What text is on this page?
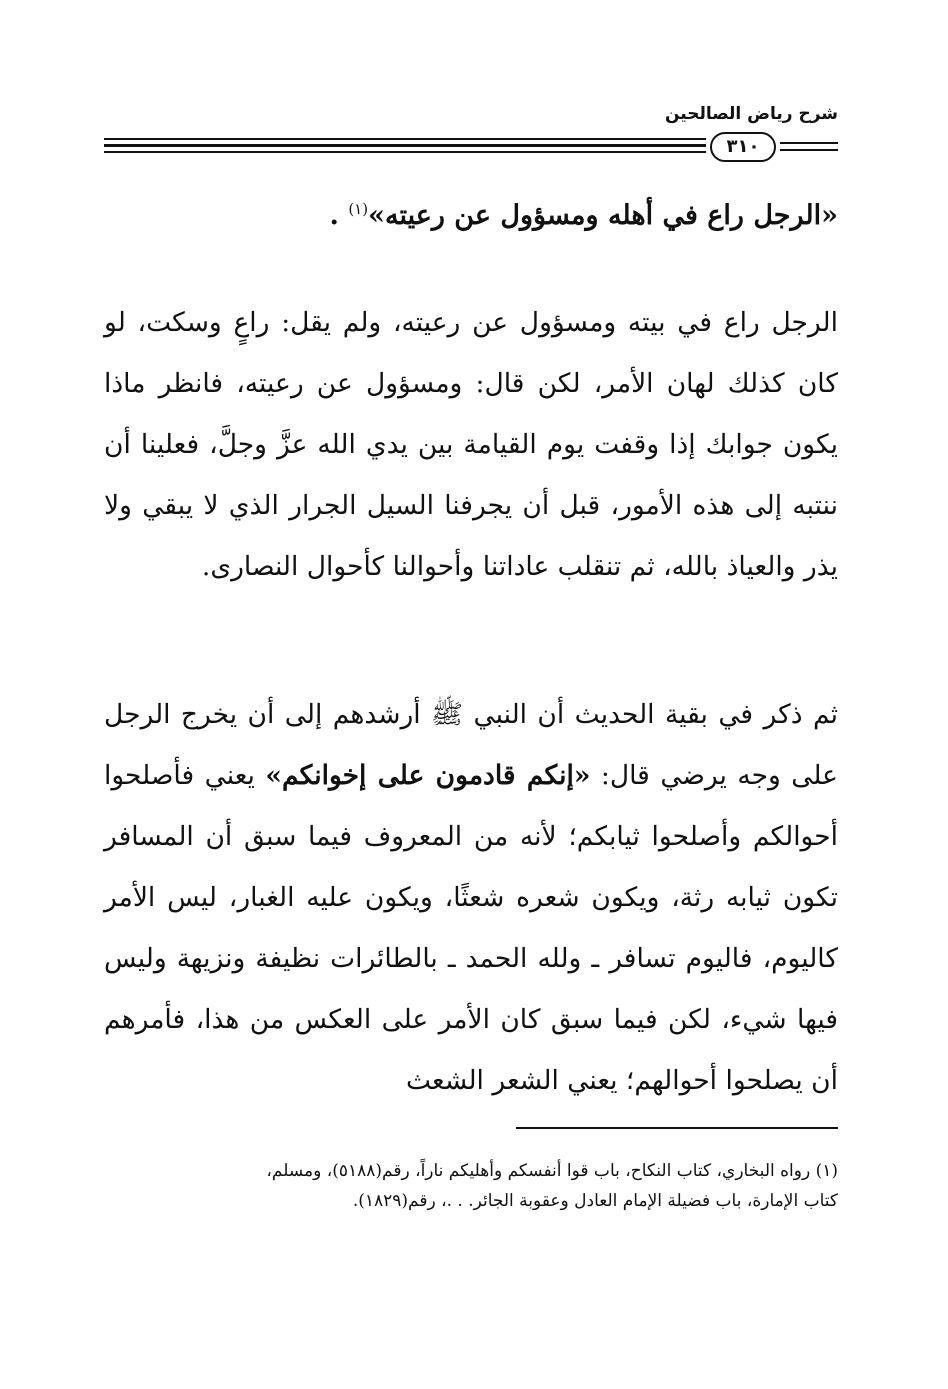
شرح رياض الصالحين
٣١٠
«الرجل راع في أهله ومسؤول عن رعيته»$^{(١)}$ .
الرجل راع في بيته ومسؤول عن رعيته، ولم يقل: راعٍ وسكت، لو كان كذلك لهان الأمر، لكن قال: ومسؤول عن رعيته، فانظر ماذا يكون جوابك إذا وقفت يوم القيامة بين يدي الله عزَّ وجلَّ، فعلينا أن ننتبه إلى هذه الأمور، قبل أن يجرفنا السيل الجرار الذي لا يبقي ولا يذر والعياذ بالله، ثم تنقلب عاداتنا وأحوالنا كأحوال النصارى.
ثم ذكر في بقية الحديث أن النبي ﷺ أرشدهم إلى أن يخرج الرجل على وجه يرضي قال: «إنكم قادمون على إخوانكم» يعني فأصلحوا أحوالكم وأصلحوا ثيابكم؛ لأنه من المعروف فيما سبق أن المسافر تكون ثيابه رثة، ويكون شعره شعثًا، ويكون عليه الغبار، ليس الأمر كاليوم، فاليوم تسافر ـ ولله الحمد ـ بالطائرات نظيفة ونزيهة وليس فيها شيء، لكن فيما سبق كان الأمر على العكس من هذا، فأمرهم أن يصلحوا أحوالهم؛ يعني الشعر الشعث
(١) رواه البخاري، كتاب النكاح، باب قوا أنفسكم وأهليكم ناراً، رقم(٥١٨٨)، ومسلم،
كتاب الإمارة، باب فضيلة الإمام العادل وعقوبة الجائر. . .، رقم(١٨٢٩).
